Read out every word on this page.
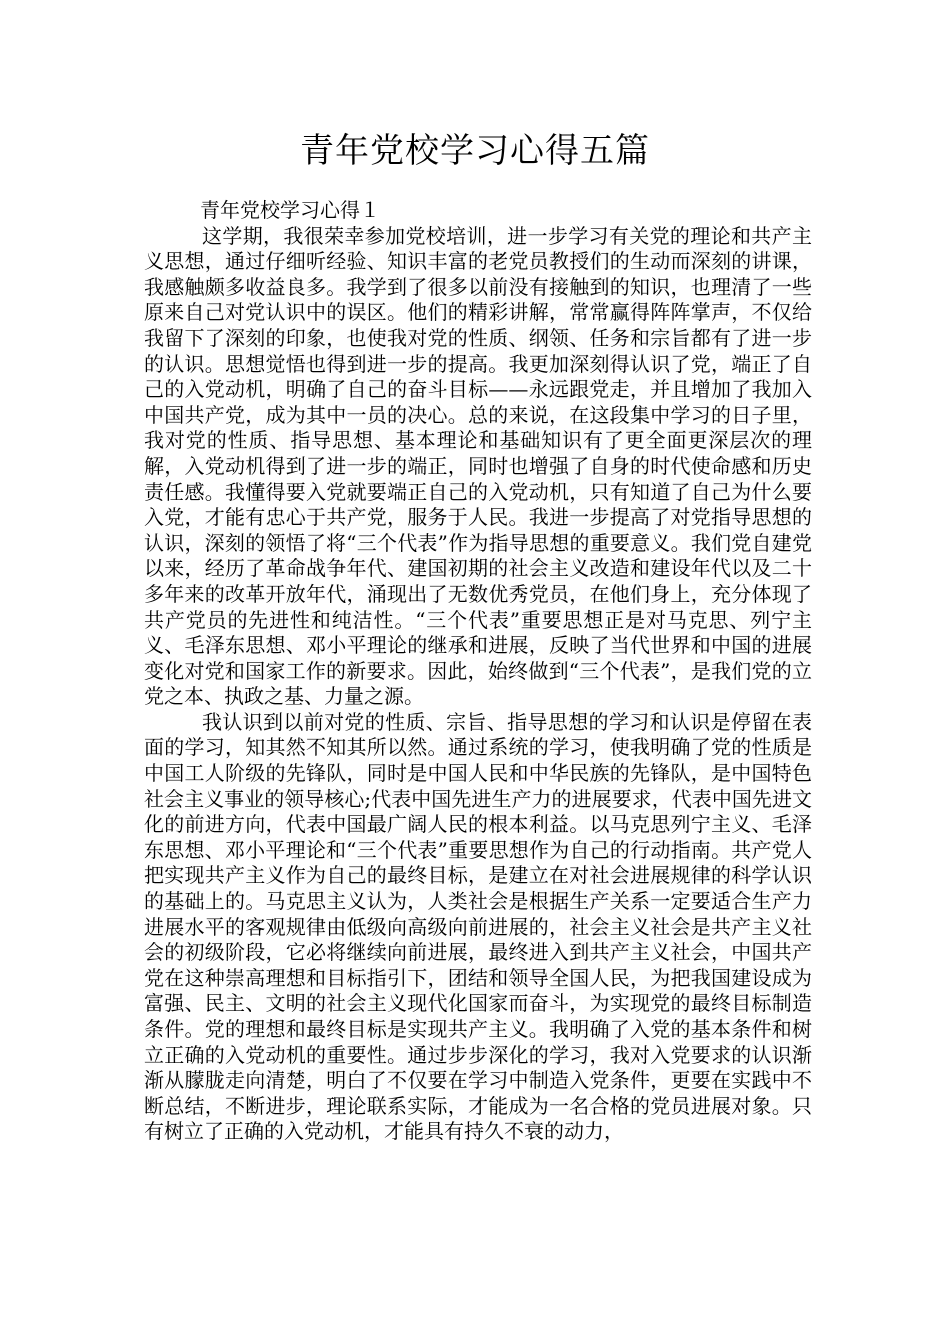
青年党校学习心得五篇

青年党校学习心得１

这学期，我很荣幸参加党校培训，进一步学习有关党的理论和共产主义思想，通过仔细听经验、知识丰富的老党员教授们的生动而深刻的讲课，我感触颇多收益良多。我学到了很多以前没有接触到的知识，也理清了一些原来自己对党认识中的误区。他们的精彩讲解，常常赢得阵阵掌声，不仅给我留下了深刻的印象，也使我对党的性质、纲领、任务和宗旨都有了进一步的认识。思想觉悟也得到进一步的提高。我更加深刻得认识了党，端正了自己的入党动机，明确了自己的奋斗目标——永远跟党走，并且增加了我加入中国共产党，成为其中一员的决心。总的来说，在这段集中学习的日子里，我对党的性质、指导思想、基本理论和基础知识有了更全面更深层次的理解，入党动机得到了进一步的端正，同时也增强了自身的时代使命感和历史责任感。我懂得要入党就要端正自己的入党动机，只有知道了自己为什么要入党，才能有忠心于共产党，服务于人民。我进一步提高了对党指导思想的认识，深刻的领悟了将“三个代表”作为指导思想的重要意义。我们党自建党以来，经历了革命战争年代、建国初期的社会主义改造和建设年代以及二十多年来的改革开放年代，涌现出了无数优秀党员，在他们身上，充分体现了共产党员的先进性和纯洁性。“三个代表”重要思想正是对马克思、列宁主义、毛泽东思想、邓小平理论的继承和进展，反映了当代世界和中国的进展变化对党和国家工作的新要求。因此，始终做到“三个代表”，是我们党的立党之本、执政之基、力量之源。

我认识到以前对党的性质、宗旨、指导思想的学习和认识是停留在表面的学习，知其然不知其所以然。通过系统的学习，使我明确了党的性质是中国工人阶级的先锋队，同时是中国人民和中华民族的先锋队，是中国特色社会主义事业的领导核心;代表中国先进生产力的进展要求，代表中国先进文化的前进方向，代表中国最广阔人民的根本利益。以马克思列宁主义、毛泽东思想、邓小平理论和“三个代表”重要思想作为自己的行动指南。共产党人把实现共产主义作为自己的最终目标，是建立在对社会进展规律的科学认识的基础上的。马克思主义认为，人类社会是根据生产关系一定要适合生产力进展水平的客观规律由低级向高级向前进展的，社会主义社会是共产主义社会的初级阶段，它必将继续向前进展，最终进入到共产主义社会，中国共产党在这种崇高理想和目标指引下，团结和领导全国人民，为把我国建设成为富强、民主、文明的社会主义现代化国家而奋斗，为实现党的最终目标制造条件。党的理想和最终目标是实现共产主义。我明确了入党的基本条件和树立正确的入党动机的重要性。通过步步深化的学习，我对入党要求的认识渐渐从朦胧走向清楚，明白了不仅要在学习中制造入党条件，更要在实践中不断总结，不断进步，理论联系实际，才能成为一名合格的党员进展对象。只有树立了正确的入党动机，才能具有持久不衰的动力，
